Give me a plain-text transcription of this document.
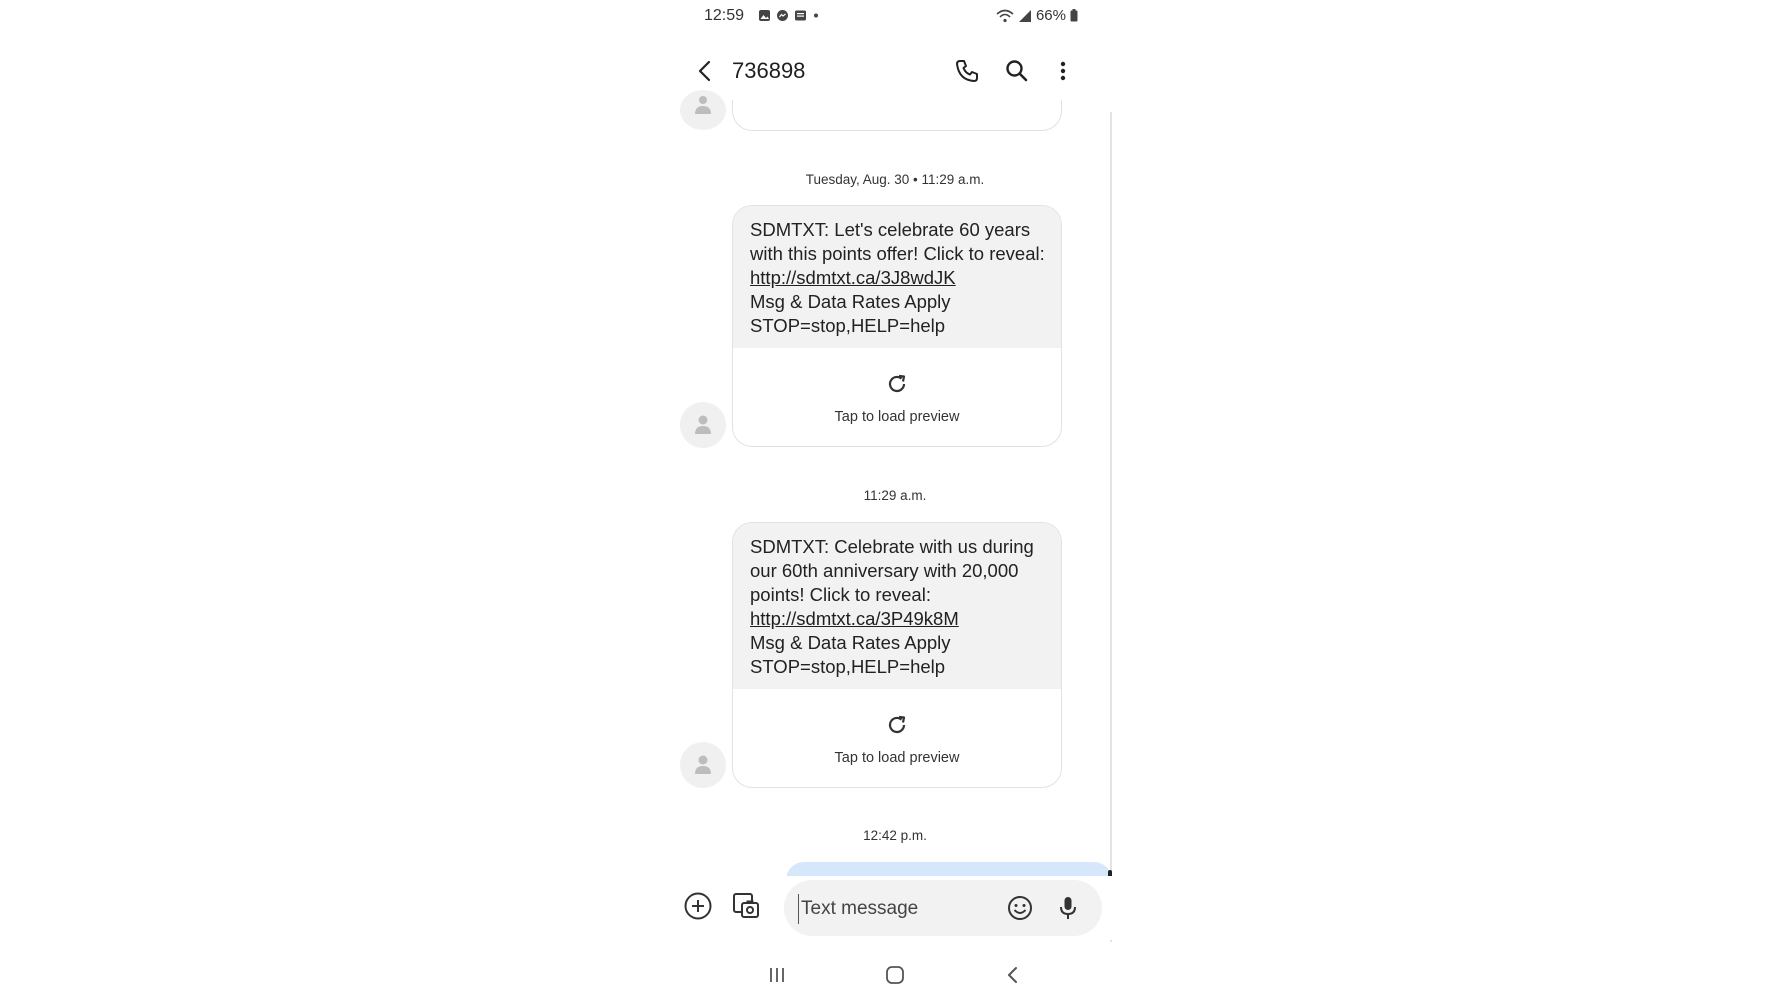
12:59	66%
736898
Tuesday, Aug. 30 • 11:29 a.m.
SDMTXT: Let's celebrate 60 years with this points offer! Click to reveal: http://sdmtxt.ca/3J8wdJK
Msg & Data Rates Apply STOP=stop,HELP=help
Tap to load preview
11:29 a.m.
SDMTXT: Celebrate with us during our 60th anniversary with 20,000 points! Click to reveal: http://sdmtxt.ca/3P49k8M
Msg & Data Rates Apply STOP=stop,HELP=help
Tap to load preview
12:42 p.m.
Text message
